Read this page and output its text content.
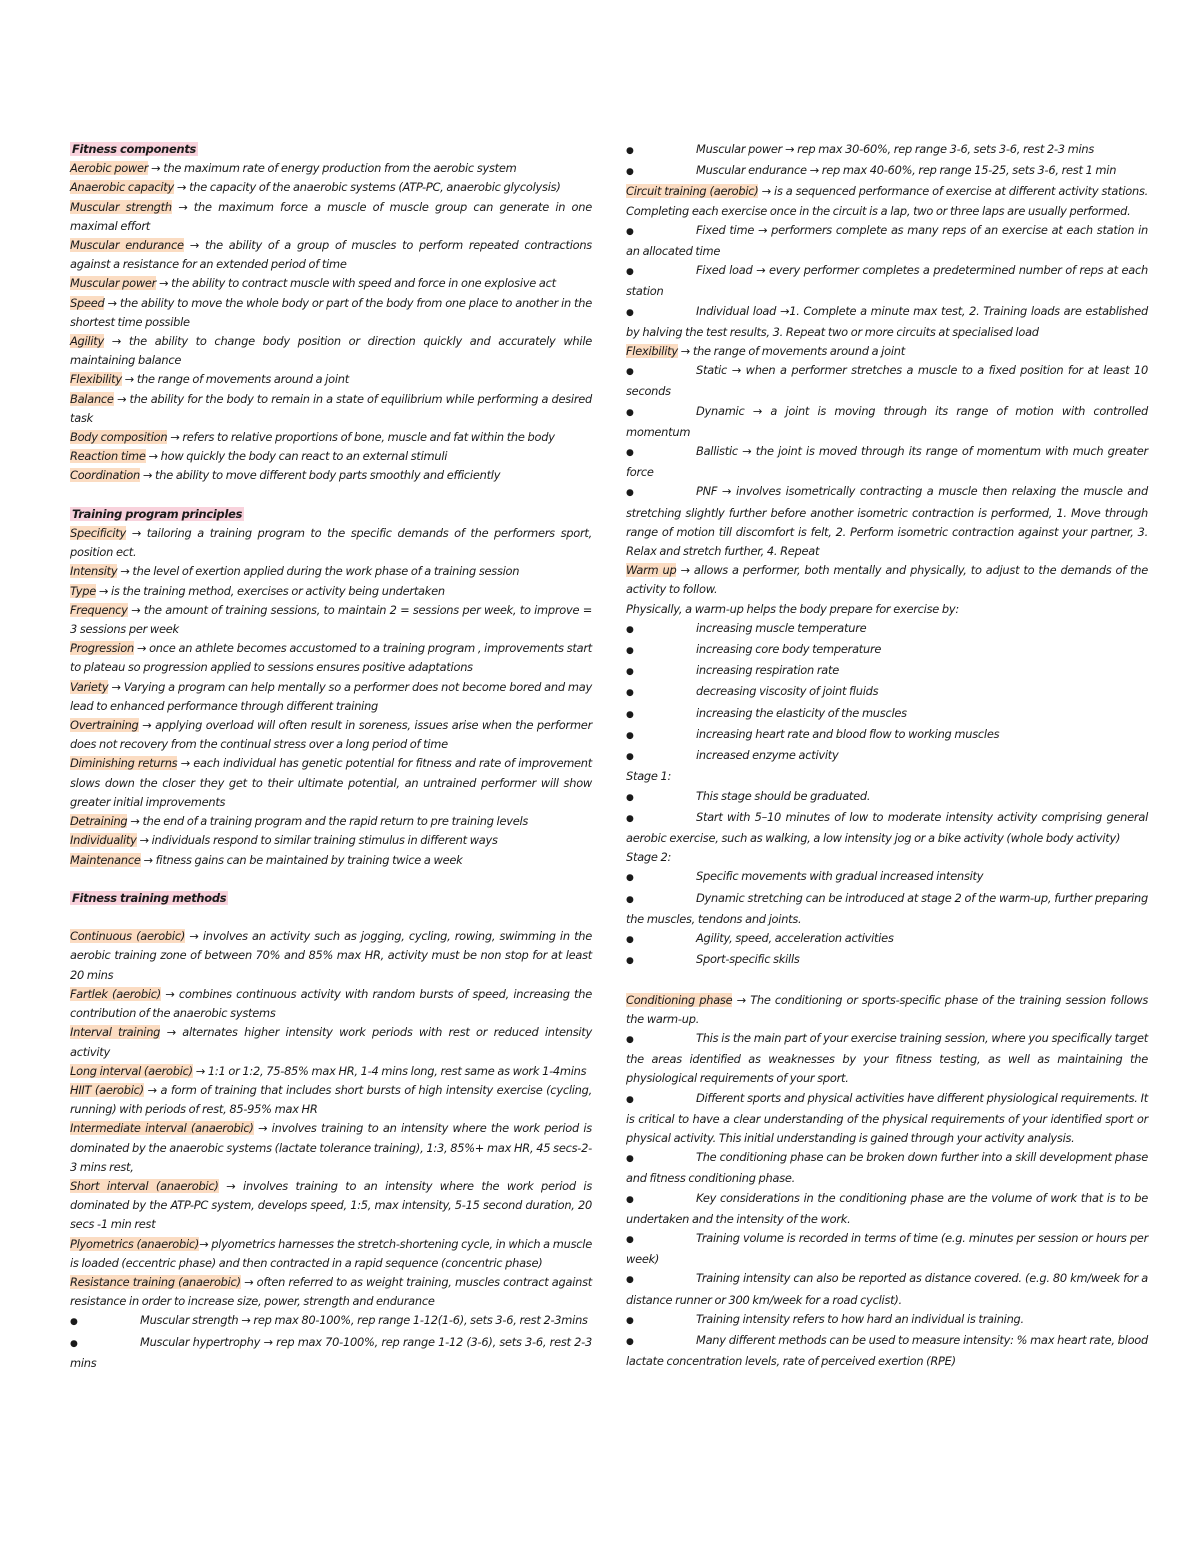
Fitness components

Aerobic power → the maximum rate of energy production from the aerobic system

Anaerobic capacity → the capacity of the anaerobic systems (ATP-PC, anaerobic glycolysis)

Muscular strength → the maximum force a muscle of muscle group can generate in one maximal effort

Muscular endurance → the ability of a group of muscles to perform repeated contractions against a resistance for an extended period of time

Muscular power → the ability to contract muscle with speed and force in one explosive act

Speed → the ability to move the whole body or part of the body from one place to another in the shortest time possible

Agility → the ability to change body position or direction quickly and accurately while maintaining balance

Flexibility → the range of movements around a joint

Balance → the ability for the body to remain in a state of equilibrium while performing a desired task

Body composition → refers to relative proportions of bone, muscle and fat within the body

Reaction time → how quickly the body can react to an external stimuli

Coordination → the ability to move different body parts smoothly and efficiently

Training program principles

Specificity → tailoring a training program to the specific demands of the performers sport, position ect.

Intensity → the level of exertion applied during the work phase of a training session

Type → is the training method, exercises or activity being undertaken

Frequency → the amount of training sessions, to maintain 2 = sessions per week, to improve = 3 sessions per week

Progression → once an athlete becomes accustomed to a training program , improvements start to plateau so progression applied to sessions ensures positive adaptations

Variety → Varying a program can help mentally so a performer does not become bored and may lead to enhanced performance through different training

Overtraining → applying overload will often result in soreness, issues arise when the performer does not recovery from the continual stress over a long period of time

Diminishing returns → each individual has genetic potential for fitness and rate of improvement slows down the closer they get to their ultimate potential, an untrained performer will show greater initial improvements

Detraining → the end of a training program and the rapid return to pre training levels

Individuality → individuals respond to similar training stimulus in different ways

Maintenance → fitness gains can be maintained by training twice a week

Fitness training methods

Continuous (aerobic) → involves an activity such as jogging, cycling, rowing, swimming in the aerobic training zone of between 70% and 85% max HR, activity must be non stop for at least 20 mins

Fartlek (aerobic) → combines continuous activity with random bursts of speed, increasing the contribution of the anaerobic systems

Interval training → alternates higher intensity work periods with rest or reduced intensity activity

Long interval (aerobic) → 1:1 or 1:2, 75-85% max HR, 1-4 mins long, rest same as work 1-4mins

HIIT (aerobic) → a form of training that includes short bursts of high intensity exercise (cycling, running) with periods of rest, 85-95% max HR

Intermediate interval (anaerobic) → involves training to an intensity where the work period is dominated by the anaerobic systems (lactate tolerance training), 1:3, 85%+ max HR, 45 secs-2-3 mins rest,

Short interval (anaerobic) → involves training to an intensity where the work period is dominated by the ATP-PC system, develops speed, 1:5, max intensity, 5-15 second duration, 20 secs -1 min rest

Plyometrics (anaerobic)→ plyometrics harnesses the stretch-shortening cycle, in which a muscle is loaded (eccentric phase) and then contracted in a rapid sequence (concentric phase)

Resistance training (anaerobic) → often referred to as weight training, muscles contract against resistance in order to increase size, power, strength and endurance

●	Muscular strength → rep max 80-100%, rep range 1-12(1-6), sets 3-6, rest 2-3mins

●	Muscular hypertrophy → rep max 70-100%, rep range 1-12 (3-6), sets 3-6, rest 2-3 mins

●	Muscular power → rep max 30-60%, rep range 3-6, sets 3-6, rest 2-3 mins

●	Muscular endurance → rep max 40-60%, rep range 15-25, sets 3-6, rest 1 min

Circuit training (aerobic) → is a sequenced performance of exercise at different activity stations. Completing each exercise once in the circuit is a lap, two or three laps are usually performed.

●	Fixed time → performers complete as many reps of an exercise at each station in an allocated time

●	Fixed load → every performer completes a predetermined number of reps at each station

●	Individual load →1. Complete a minute max test, 2. Training loads are established by halving the test results, 3. Repeat two or more circuits at specialised load

Flexibility → the range of movements around a joint

●	Static → when a performer stretches a muscle to a fixed position for at least 10 seconds

●	Dynamic → a joint is moving through its range of motion with controlled momentum

●	Ballistic → the joint is moved through its range of momentum with much greater force

●	PNF → involves isometrically contracting a muscle then relaxing the muscle and stretching slightly further before another isometric contraction is performed, 1. Move through range of motion till discomfort is felt, 2. Perform isometric contraction against your partner, 3. Relax and stretch further, 4. Repeat

Warm up → allows a performer, both mentally and physically, to adjust to the demands of the activity to follow.

Physically, a warm-up helps the body prepare for exercise by:

●	increasing muscle temperature

●	increasing core body temperature

●	increasing respiration rate

●	decreasing viscosity of joint fluids

●	increasing the elasticity of the muscles

●	increasing heart rate and blood flow to working muscles

●	increased enzyme activity

Stage 1:

●	This stage should be graduated.

●	Start with 5–10 minutes of low to moderate intensity activity comprising general aerobic exercise, such as walking, a low intensity jog or a bike activity (whole body activity)

Stage 2:

●	Specific movements with gradual increased intensity

●	Dynamic stretching can be introduced at stage 2 of the warm-up, further preparing the muscles, tendons and joints.

●	Agility, speed, acceleration activities

●	Sport-specific skills

Conditioning phase → The conditioning or sports-specific phase of the training session follows the warm-up.

●	This is the main part of your exercise training session, where you specifically target the areas identified as weaknesses by your fitness testing, as well as maintaining the physiological requirements of your sport.

●	Different sports and physical activities have different physiological requirements. It is critical to have a clear understanding of the physical requirements of your identified sport or physical activity. This initial understanding is gained through your activity analysis.

●	The conditioning phase can be broken down further into a skill development phase and fitness conditioning phase.

●	Key considerations in the conditioning phase are the volume of work that is to be undertaken and the intensity of the work.

●	Training volume is recorded in terms of time (e.g. minutes per session or hours per week)

●	Training intensity can also be reported as distance covered. (e.g. 80 km/week for a distance runner or 300 km/week for a road cyclist).

●	Training intensity refers to how hard an individual is training.

●	Many different methods can be used to measure intensity: % max heart rate, blood lactate concentration levels, rate of perceived exertion (RPE)
